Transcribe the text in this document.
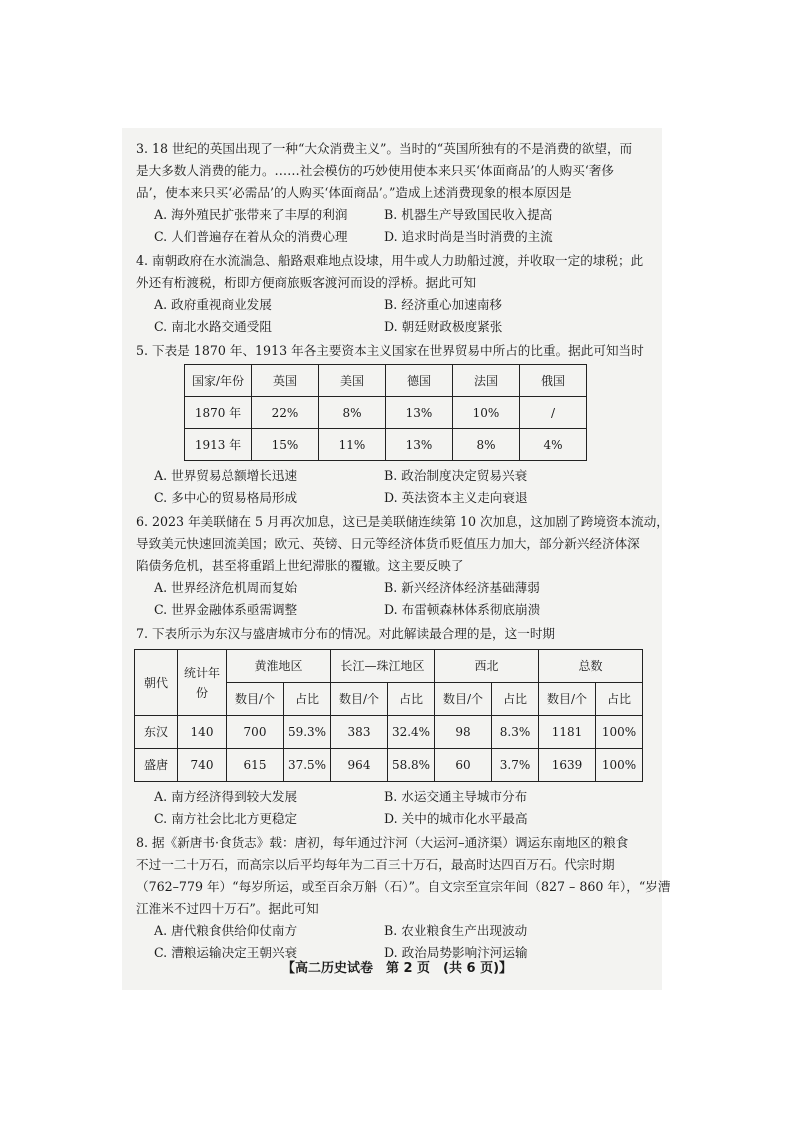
3. 18 世纪的英国出现了一种“大众消费主义”。当时的“英国所独有的不是消费的欲望，而

是大多数人消费的能力。……社会模仿的巧妙使用使本来只买‘体面商品’的人购买‘奢侈

品’，使本来只买‘必需品’的人购买‘体面商品’。”造成上述消费现象的根本原因是

A. 海外殖民扩张带来了丰厚的利润	B. 机器生产导致国民收入提高
C. 人们普遍存在着从众的消费心理	D. 追求时尚是当时消费的主流

4. 南朝政府在水流湍急、船路艰难地点设埭，用牛或人力助船过渡，并收取一定的埭税；此

外还有桁渡税，桁即方便商旅贩客渡河而设的浮桥。据此可知

A. 政府重视商业发展	B. 经济重心加速南移
C. 南北水路交通受阻	D. 朝廷财政极度紧张

5. 下表是 1870 年、1913 年各主要资本主义国家在世界贸易中所占的比重。据此可知当时

国家/年份	英国	美国	德国	法国	俄国
1870 年	22%	8%	13%	10%	/
1913 年	15%	11%	13%	8%	4%
A. 世界贸易总额增长迅速	B. 政治制度决定贸易兴衰
C. 多中心的贸易格局形成	D. 英法资本主义走向衰退

6. 2023 年美联储在 5 月再次加息，这已是美联储连续第 10 次加息，这加剧了跨境资本流动，

导致美元快速回流美国；欧元、英镑、日元等经济体货币贬值压力加大，部分新兴经济体深

陷债务危机，甚至将重蹈上世纪滞胀的覆辙。这主要反映了

A. 世界经济危机周而复始	B. 新兴经济体经济基础薄弱
C. 世界金融体系亟需调整	D. 布雷顿森林体系彻底崩溃

7. 下表所示为东汉与盛唐城市分布的情况。对此解读最合理的是，这一时期

朝代	统计年份	黄淮地区		长江—珠江地区		西北		总数	
		数目/个	占比	数目/个	占比	数目/个	占比	数目/个	占比
东汉	140	700	59.3%	383	32.4%	98	8.3%	1181	100%
盛唐	740	615	37.5%	964	58.8%	60	3.7%	1639	100%
A. 南方经济得到较大发展	B. 水运交通主导城市分布
C. 南方社会比北方更稳定	D. 关中的城市化水平最高

8. 据《新唐书·食货志》载：唐初，每年通过汴河（大运河–通济渠）调运东南地区的粮食

不过一二十万石，而高宗以后平均每年为二百三十万石，最高时达四百万石。代宗时期

（762–779 年）“每岁所运，或至百余万斛（石）”。自文宗至宣宗年间（827 – 860 年），“岁漕

江淮米不过四十万石”。据此可知

A. 唐代粮食供给仰仗南方	B. 农业粮食生产出现波动
C. 漕粮运输决定王朝兴衰	D. 政治局势影响汴河运输
【高二历史试卷　第 2 页　(共 6 页)】
